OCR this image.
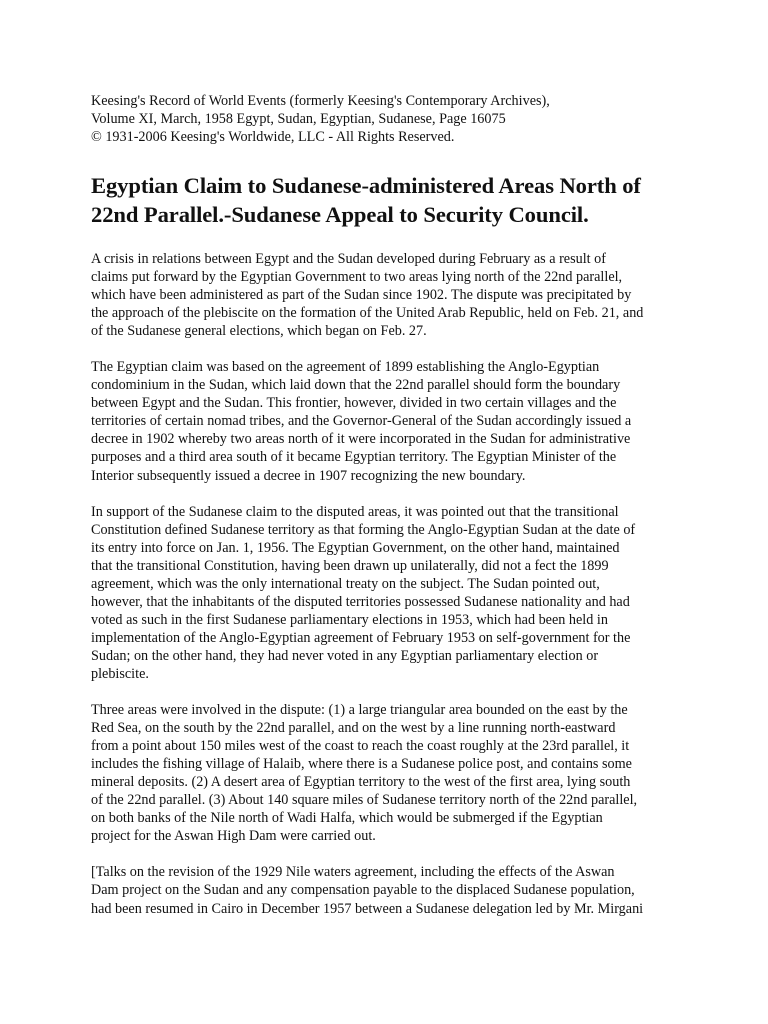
Keesing's Record of World Events (formerly Keesing's Contemporary Archives),
Volume XI, March, 1958 Egypt, Sudan, Egyptian, Sudanese, Page 16075
© 1931-2006 Keesing's Worldwide, LLC - All Rights Reserved.
Egyptian Claim to Sudanese-administered Areas North of
22nd Parallel.-Sudanese Appeal to Security Council.

A crisis in relations between Egypt and the Sudan developed during February as a result of
claims put forward by the Egyptian Government to two areas lying north of the 22nd parallel,
which have been administered as part of the Sudan since 1902. The dispute was precipitated by
the approach of the plebiscite on the formation of the United Arab Republic, held on Feb. 21, and
of the Sudanese general elections, which began on Feb. 27.

The Egyptian claim was based on the agreement of 1899 establishing the Anglo-Egyptian
condominium in the Sudan, which laid down that the 22nd parallel should form the boundary
between Egypt and the Sudan. This frontier, however, divided in two certain villages and the
territories of certain nomad tribes, and the Governor-General of the Sudan accordingly issued a
decree in 1902 whereby two areas north of it were incorporated in the Sudan for administrative
purposes and a third area south of it became Egyptian territory. The Egyptian Minister of the
Interior subsequently issued a decree in 1907 recognizing the new boundary.

In support of the Sudanese claim to the disputed areas, it was pointed out that the transitional
Constitution defined Sudanese territory as that forming the Anglo-Egyptian Sudan at the date of
its entry into force on Jan. 1, 1956. The Egyptian Government, on the other hand, maintained
that the transitional Constitution, having been drawn up unilaterally, did not a fect the 1899
agreement, which was the only international treaty on the subject. The Sudan pointed out,
however, that the inhabitants of the disputed territories possessed Sudanese nationality and had
voted as such in the first Sudanese parliamentary elections in 1953, which had been held in
implementation of the Anglo-Egyptian agreement of February 1953 on self-government for the
Sudan; on the other hand, they had never voted in any Egyptian parliamentary election or
plebiscite.

Three areas were involved in the dispute: (1) a large triangular area bounded on the east by the
Red Sea, on the south by the 22nd parallel, and on the west by a line running north-eastward
from a point about 150 miles west of the coast to reach the coast roughly at the 23rd parallel, it
includes the fishing village of Halaib, where there is a Sudanese police post, and contains some
mineral deposits. (2) A desert area of Egyptian territory to the west of the first area, lying south
of the 22nd parallel. (3) About 140 square miles of Sudanese territory north of the 22nd parallel,
on both banks of the Nile north of Wadi Halfa, which would be submerged if the Egyptian
project for the Aswan High Dam were carried out.

[Talks on the revision of the 1929 Nile waters agreement, including the effects of the Aswan
Dam project on the Sudan and any compensation payable to the displaced Sudanese population,
had been resumed in Cairo in December 1957 between a Sudanese delegation led by Mr. Mirgani
